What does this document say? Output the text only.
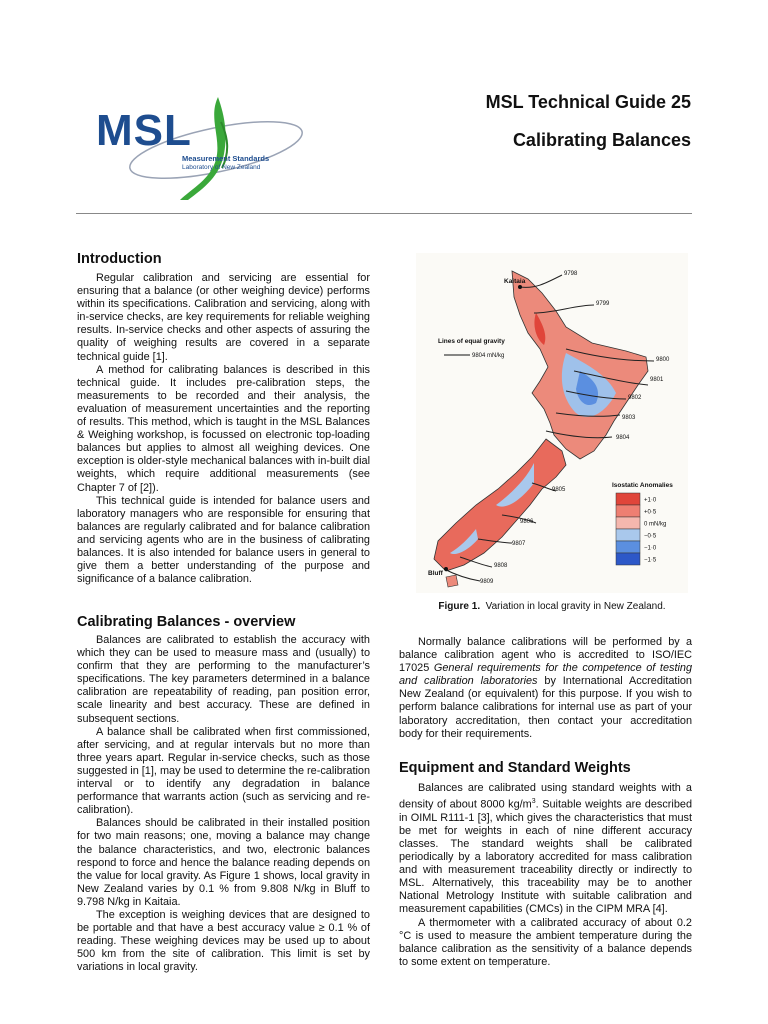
MSL
Measurement Standards
Laboratory of New Zealand
MSL Technical Guide 25
Calibrating Balances
Introduction

Regular calibration and servicing are essential for ensuring that a balance (or other weighing device) performs within its specifications. Calibration and servicing, along with in-service checks, are key requirements for reliable weighing results. In-service checks and other aspects of assuring the quality of weighing results are covered in a separate technical guide [1].

A method for calibrating balances is described in this technical guide. It includes pre-calibration steps, the measurements to be recorded and their analysis, the evaluation of measurement uncertainties and the reporting of results. This method, which is taught in the MSL Balances & Weighing workshop, is focussed on electronic top-loading balances but applies to almost all weighing devices. One exception is older-style mechanical balances with in-built dial weights, which require additional measurements (see Chapter 7 of [2]).

This technical guide is intended for balance users and laboratory managers who are responsible for ensuring that balances are regularly calibrated and for balance calibration and servicing agents who are in the business of calibrating balances. It is also intended for balance users in general to give them a better understanding of the purpose and significance of a balance calibration.

Calibrating Balances - overview

Balances are calibrated to establish the accuracy with which they can be used to measure mass and (usually) to confirm that they are performing to the manufacturer’s specifications. The key parameters determined in a balance calibration are repeatability of reading, pan position error, scale linearity and best accuracy. These are defined in subsequent sections.

A balance shall be calibrated when first commissioned, after servicing, and at regular intervals but no more than three years apart. Regular in-service checks, such as those suggested in [1], may be used to determine the re-calibration interval or to identify any degradation in balance performance that warrants action (such as servicing and re-calibration).

Balances should be calibrated in their installed position for two main reasons; one, moving a balance may change the balance characteristics, and two, electronic balances respond to force and hence the balance reading depends on the value for local gravity. As Figure 1 shows, local gravity in New Zealand varies by 0.1 % from 9.808 N/kg in Bluff to 9.798 N/kg in Kaitaia.

The exception is weighing devices that are designed to be portable and that have a best accuracy value ≥ 0.1 % of reading. These weighing devices may be used up to about 500 km from the site of calibration. This limit is set by variations in local gravity.

Kaitaia
Bluff
9798
9799
9800
9801
9802
9803
9804
9805
9806
9807
9808
9809
Lines of equal gravity
9804 mN/kg
Isostatic Anomalies
+1·0
+0·5
0 mN/kg
−0·5
−1·0
−1·5
Figure 1. Variation in local gravity in New Zealand.

Normally balance calibrations will be performed by a balance calibration agent who is accredited to ISO/IEC 17025 General requirements for the competence of testing and calibration laboratories by International Accreditation New Zealand (or equivalent) for this purpose. If you wish to perform balance calibrations for internal use as part of your laboratory accreditation, then contact your accreditation body for their requirements.

Equipment and Standard Weights

Balances are calibrated using standard weights with a density of about 8000 $kg/m^3$. Suitable weights are described in OIML R111-1 [3], which gives the characteristics that must be met for weights in each of nine different accuracy classes. The standard weights shall be calibrated periodically by a laboratory accredited for mass calibration and with measurement traceability directly or indirectly to MSL. Alternatively, this traceability may be to another National Metrology Institute with suitable calibration and measurement capabilities (CMCs) in the CIPM MRA [4].

A thermometer with a calibrated accuracy of about 0.2 °C is used to measure the ambient temperature during the balance calibration as the sensitivity of a balance depends to some extent on temperature.
